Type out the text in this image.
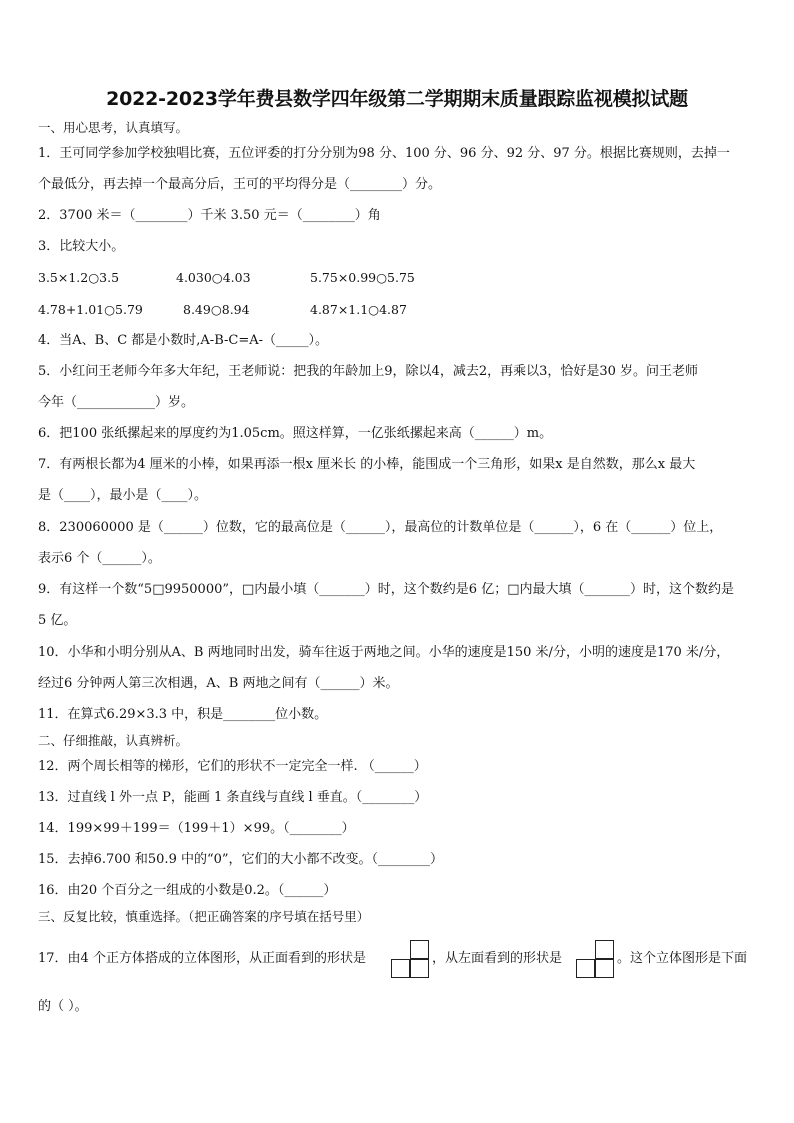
2022-2023学年费县数学四年级第二学期期末质量跟踪监视模拟试题
一、用心思考，认真填写。
1．王可同学参加学校独唱比赛，五位评委的打分分别为98 分、100 分、96 分、92 分、97 分。根据比赛规则，去掉一
个最低分，再去掉一个最高分后，王可的平均得分是（________）分。
2．3700 米＝（________）千米 3.50 元＝（________）角
3．比较大小。
3.5×1.2○3.5	4.030○4.03	5.75×0.99○5.75
4.78+1.01○5.79	8.49○8.94	4.87×1.1○4.87
4．当A、B、C 都是小数时,A-B-C=A-（_____）。
5．小红问王老师今年多大年纪，王老师说：把我的年龄加上9，除以4，减去2，再乘以3，恰好是30 岁。问王老师
今年（____________）岁。
6．把100 张纸摞起来的厚度约为1.05cm。照这样算，一亿张纸摞起来高（______）m。
7．有两根长都为4 厘米的小棒，如果再添一根x 厘米长 的小棒，能围成一个三角形，如果x 是自然数，那么x 最大
是（____），最小是（____）。
8．230060000 是（______）位数，它的最高位是（______），最高位的计数单位是（______），6 在（______）位上，
表示6 个（______）。
9．有这样一个数“5□9950000”，□内最小填（_______）时，这个数约是6 亿；□内最大填（_______）时，这个数约是
5 亿。
10．小华和小明分别从A、B 两地同时出发，骑车往返于两地之间。小华的速度是150 米/分，小明的速度是170 米/分，
经过6 分钟两人第三次相遇，A、B 两地之间有（______）米。
11．在算式6.29×3.3 中，积是________位小数。
二、仔细推敲，认真辨析。
12．两个周长相等的梯形，它们的形状不一定完全一样. （______）
13．过直线 l 外一点 P，能画 1 条直线与直线 l 垂直。（________）
14．199×99＋199＝（199＋1）×99。（________）
15．去掉6.700 和50.9 中的“0”，它们的大小都不改变。（________）
16．由20 个百分之一组成的小数是0.2。（______）
三、反复比较，慎重选择。（把正确答案的序号填在括号里）
17．由4 个正方体搭成的立体图形，从正面看到的形状是	，从左面看到的形状是	。这个立体图形是下面
的（ ）。
